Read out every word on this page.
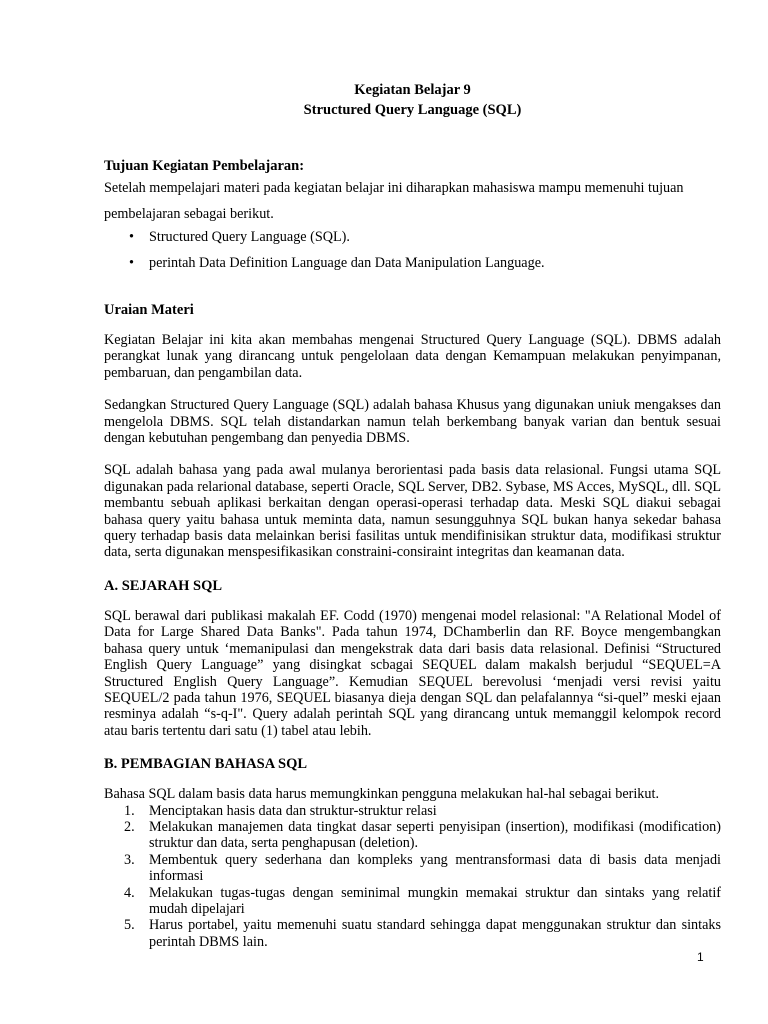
Kegiatan Belajar 9
Structured Query Language (SQL)
Tujuan Kegiatan Pembelajaran:

Setelah mempelajari materi pada kegiatan belajar ini diharapkan mahasiswa mampu memenuhi tujuan pembelajaran sebagai berikut.

• Structured Query Language (SQL).
• perintah Data Definition Language dan Data Manipulation Language.
Uraian Materi

Kegiatan Belajar ini kita akan membahas mengenai Structured Query Language (SQL). DBMS adalah perangkat lunak yang dirancang untuk pengelolaan data dengan Kemampuan melakukan penyimpanan, pembaruan, dan pengambilan data.

Sedangkan Structured Query Language (SQL) adalah bahasa Khusus yang digunakan uniuk mengakses dan mengelola DBMS. SQL telah distandarkan namun telah berkembang banyak varian dan bentuk sesuai dengan kebutuhan pengembang dan penyedia DBMS.

SQL adalah bahasa yang pada awal mulanya berorientasi pada basis data relasional. Fungsi utama SQL digunakan pada relarional database, seperti Oracle, SQL Server, DB2. Sybase, MS Acces, MySQL, dll. SQL membantu sebuah aplikasi berkaitan dengan operasi-operasi terhadap data. Meski SQL diakui sebagai bahasa query yaitu bahasa untuk meminta data, namun sesungguhnya SQL bukan hanya sekedar bahasa query terhadap basis data melainkan berisi fasilitas untuk mendifinisikan struktur data, modifikasi struktur data, serta digunakan menspesifikasikan constraini-consiraint integritas dan keamanan data.

A. SEJARAH SQL

SQL berawal dari publikasi makalah EF. Codd (1970) mengenai model relasional: "A Relational Model of Data for Large Shared Data Banks". Pada tahun 1974, DChamberlin dan RF. Boyce mengembangkan bahasa query untuk ‘memanipulasi dan mengekstrak data dari basis data relasional. Definisi “Structured English Query Language” yang disingkat scbagai SEQUEL dalam makalsh berjudul “SEQUEL=A Structured English Query Language”. Kemudian SEQUEL berevolusi ‘menjadi versi revisi yaitu SEQUEL/2 pada tahun 1976, SEQUEL biasanya dieja dengan SQL dan pelafalannya “si-quel” meski ejaan resminya adalah “s-q-I". Query adalah perintah SQL yang dirancang untuk memanggil kelompok record atau baris tertentu dari satu (1) tabel atau lebih.

B. PEMBAGIAN BAHASA SQL

Bahasa SQL dalam basis data harus memungkinkan pengguna melakukan hal-hal sebagai berikut.

1. Menciptakan hasis data dan struktur-struktur relasi
2. Melakukan manajemen data tingkat dasar seperti penyisipan (insertion), modifikasi (modification) struktur dan data, serta penghapusan (deletion).
3. Membentuk query sederhana dan kompleks yang mentransformasi data di basis data menjadi informasi
4. Melakukan tugas-tugas dengan seminimal mungkin memakai struktur dan sintaks yang relatif mudah dipelajari
5. Harus portabel, yaitu memenuhi suatu standard sehingga dapat menggunakan struktur dan sintaks perintah DBMS lain.
1
